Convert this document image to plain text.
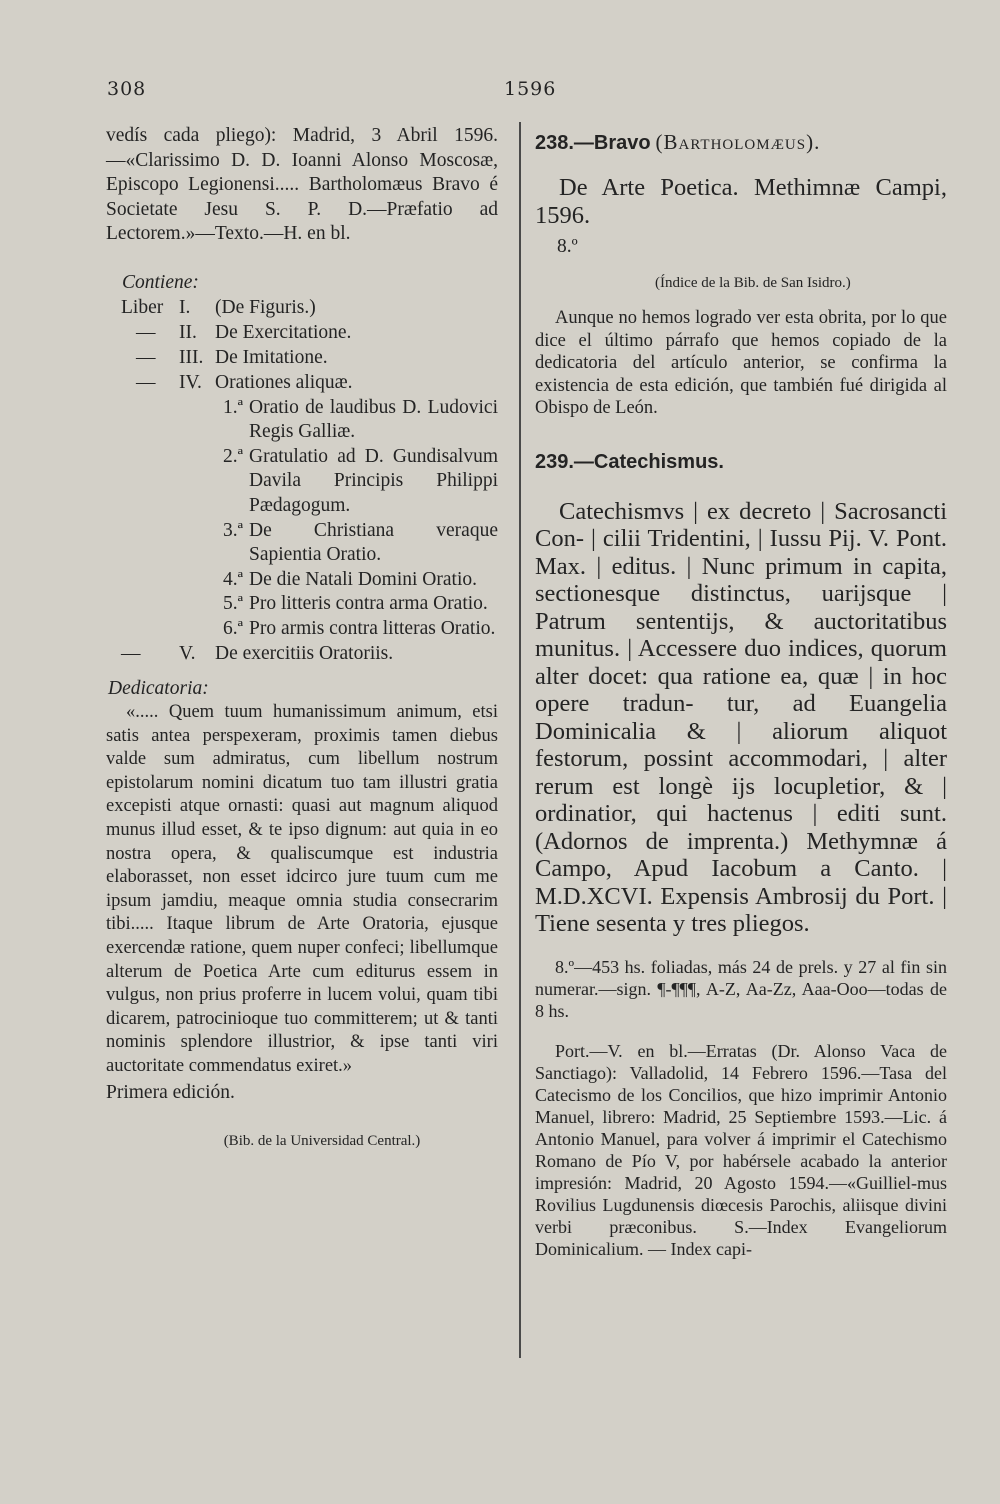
308	1596

vedís cada pliego): Madrid, 3 Abril 1596.—«Clarissimo D. D. Ioanni Alonso Moscosæ, Episcopo Legionensi..... Bartholomæus Bravo é Societate Jesu S. P. D.—Præfatio ad Lectorem.»—Texto.—H. en bl.

Contiene:

Liber I.	(De Figuris.)
—	II. De Exercitatione.
—	III. De Imitatione.
—	IV. Orationes aliquæ.
1.ª Oratio de laudibus D. Ludovici Regis Galliæ.
2.ª Gratulatio ad D. Gundisalvum Davila Principis Philippi Pædagogum.
3.ª De Christiana veraque Sapientia Oratio.
4.ª De die Natali Domini Oratio.
5.ª Pro litteris contra arma Oratio.
6.ª Pro armis contra litteras Oratio.
—	V.	De exercitiis Oratoriis.

Dedicatoria:

«..... Quem tuum humanissimum animum, etsi satis antea perspexeram, proximis tamen diebus valde sum admiratus, cum libellum nostrum epistolarum nomini dicatum tuo tam illustri gratia excepisti atque ornasti: quasi aut magnum aliquod munus illud esset, & te ipso dignum: aut quia in eo nostra opera, & qualiscumque est industria elaborasset, non esset idcirco jure tuum cum me ipsum jamdiu, meaque omnia studia consecrarim tibi..... Itaque librum de Arte Oratoria, ejusque exercendæ ratione, quem nuper confeci; libellumque alterum de Poetica Arte cum editurus essem in vulgus, non prius proferre in lucem volui, quam tibi dicarem, patrocinioque tuo committerem; ut & tanti nominis splendore illustrior, & ipse tanti viri auctoritate commendatus exiret.»

Primera edición.

(Bib. de la Universidad Central.)

238.—Bravo (Bartholomæus).

De Arte Poetica. Methimnæ Campi, 1596.

8.º

(Índice de la Bib. de San Isidro.)

Aunque no hemos logrado ver esta obrita, por lo que dice el último párrafo que hemos copiado de la dedicatoria del artículo anterior, se confirma la existencia de esta edición, que también fué dirigida al Obispo de León.

239.—Catechismus.

Catechismvs | ex decreto | Sacrosancti Con- | cilii Tridentini, | Iussu Pij. V. Pont. Max. | editus. | Nunc primum in capita, sectionesque distinctus, uarijsque | Patrum sententijs, & auctoritatibus munitus. | Accessere duo indices, quorum alter docet: qua ratione ea, quæ | in hoc opere tradun- tur, ad Euangelia Dominicalia & | aliorum aliquot festorum, possint accommodari, | alter rerum est longè ijs locupletior, & | ordinatior, qui hactenus | editi sunt. (Adornos de imprenta.) Methymnæ á Campo, Apud Iacobum a Canto. | M.D.XCVI. Expensis Ambrosij du Port. | Tiene sesenta y tres pliegos.

8.º—453 hs. foliadas, más 24 de prels. y 27 al fin sin numerar.—sign. ¶-¶¶¶, A-Z, Aa-Zz, Aaa-Ooo—todas de 8 hs.

Port.—V. en bl.—Erratas (Dr. Alonso Vaca de Sanctiago): Valladolid, 14 Febrero 1596.—Tasa del Catecismo de los Concilios, que hizo imprimir Antonio Manuel, librero: Madrid, 25 Septiembre 1593.—Lic. á Antonio Manuel, para volver á imprimir el Catechismo Romano de Pío V, por habérsele acabado la anterior impresión: Madrid, 20 Agosto 1594.—«Guilliel-mus Rovilius Lugdunensis diœcesis Parochis, aliisque divini verbi præconibus. S.—Index Evangeliorum Dominicalium. — Index capi-
